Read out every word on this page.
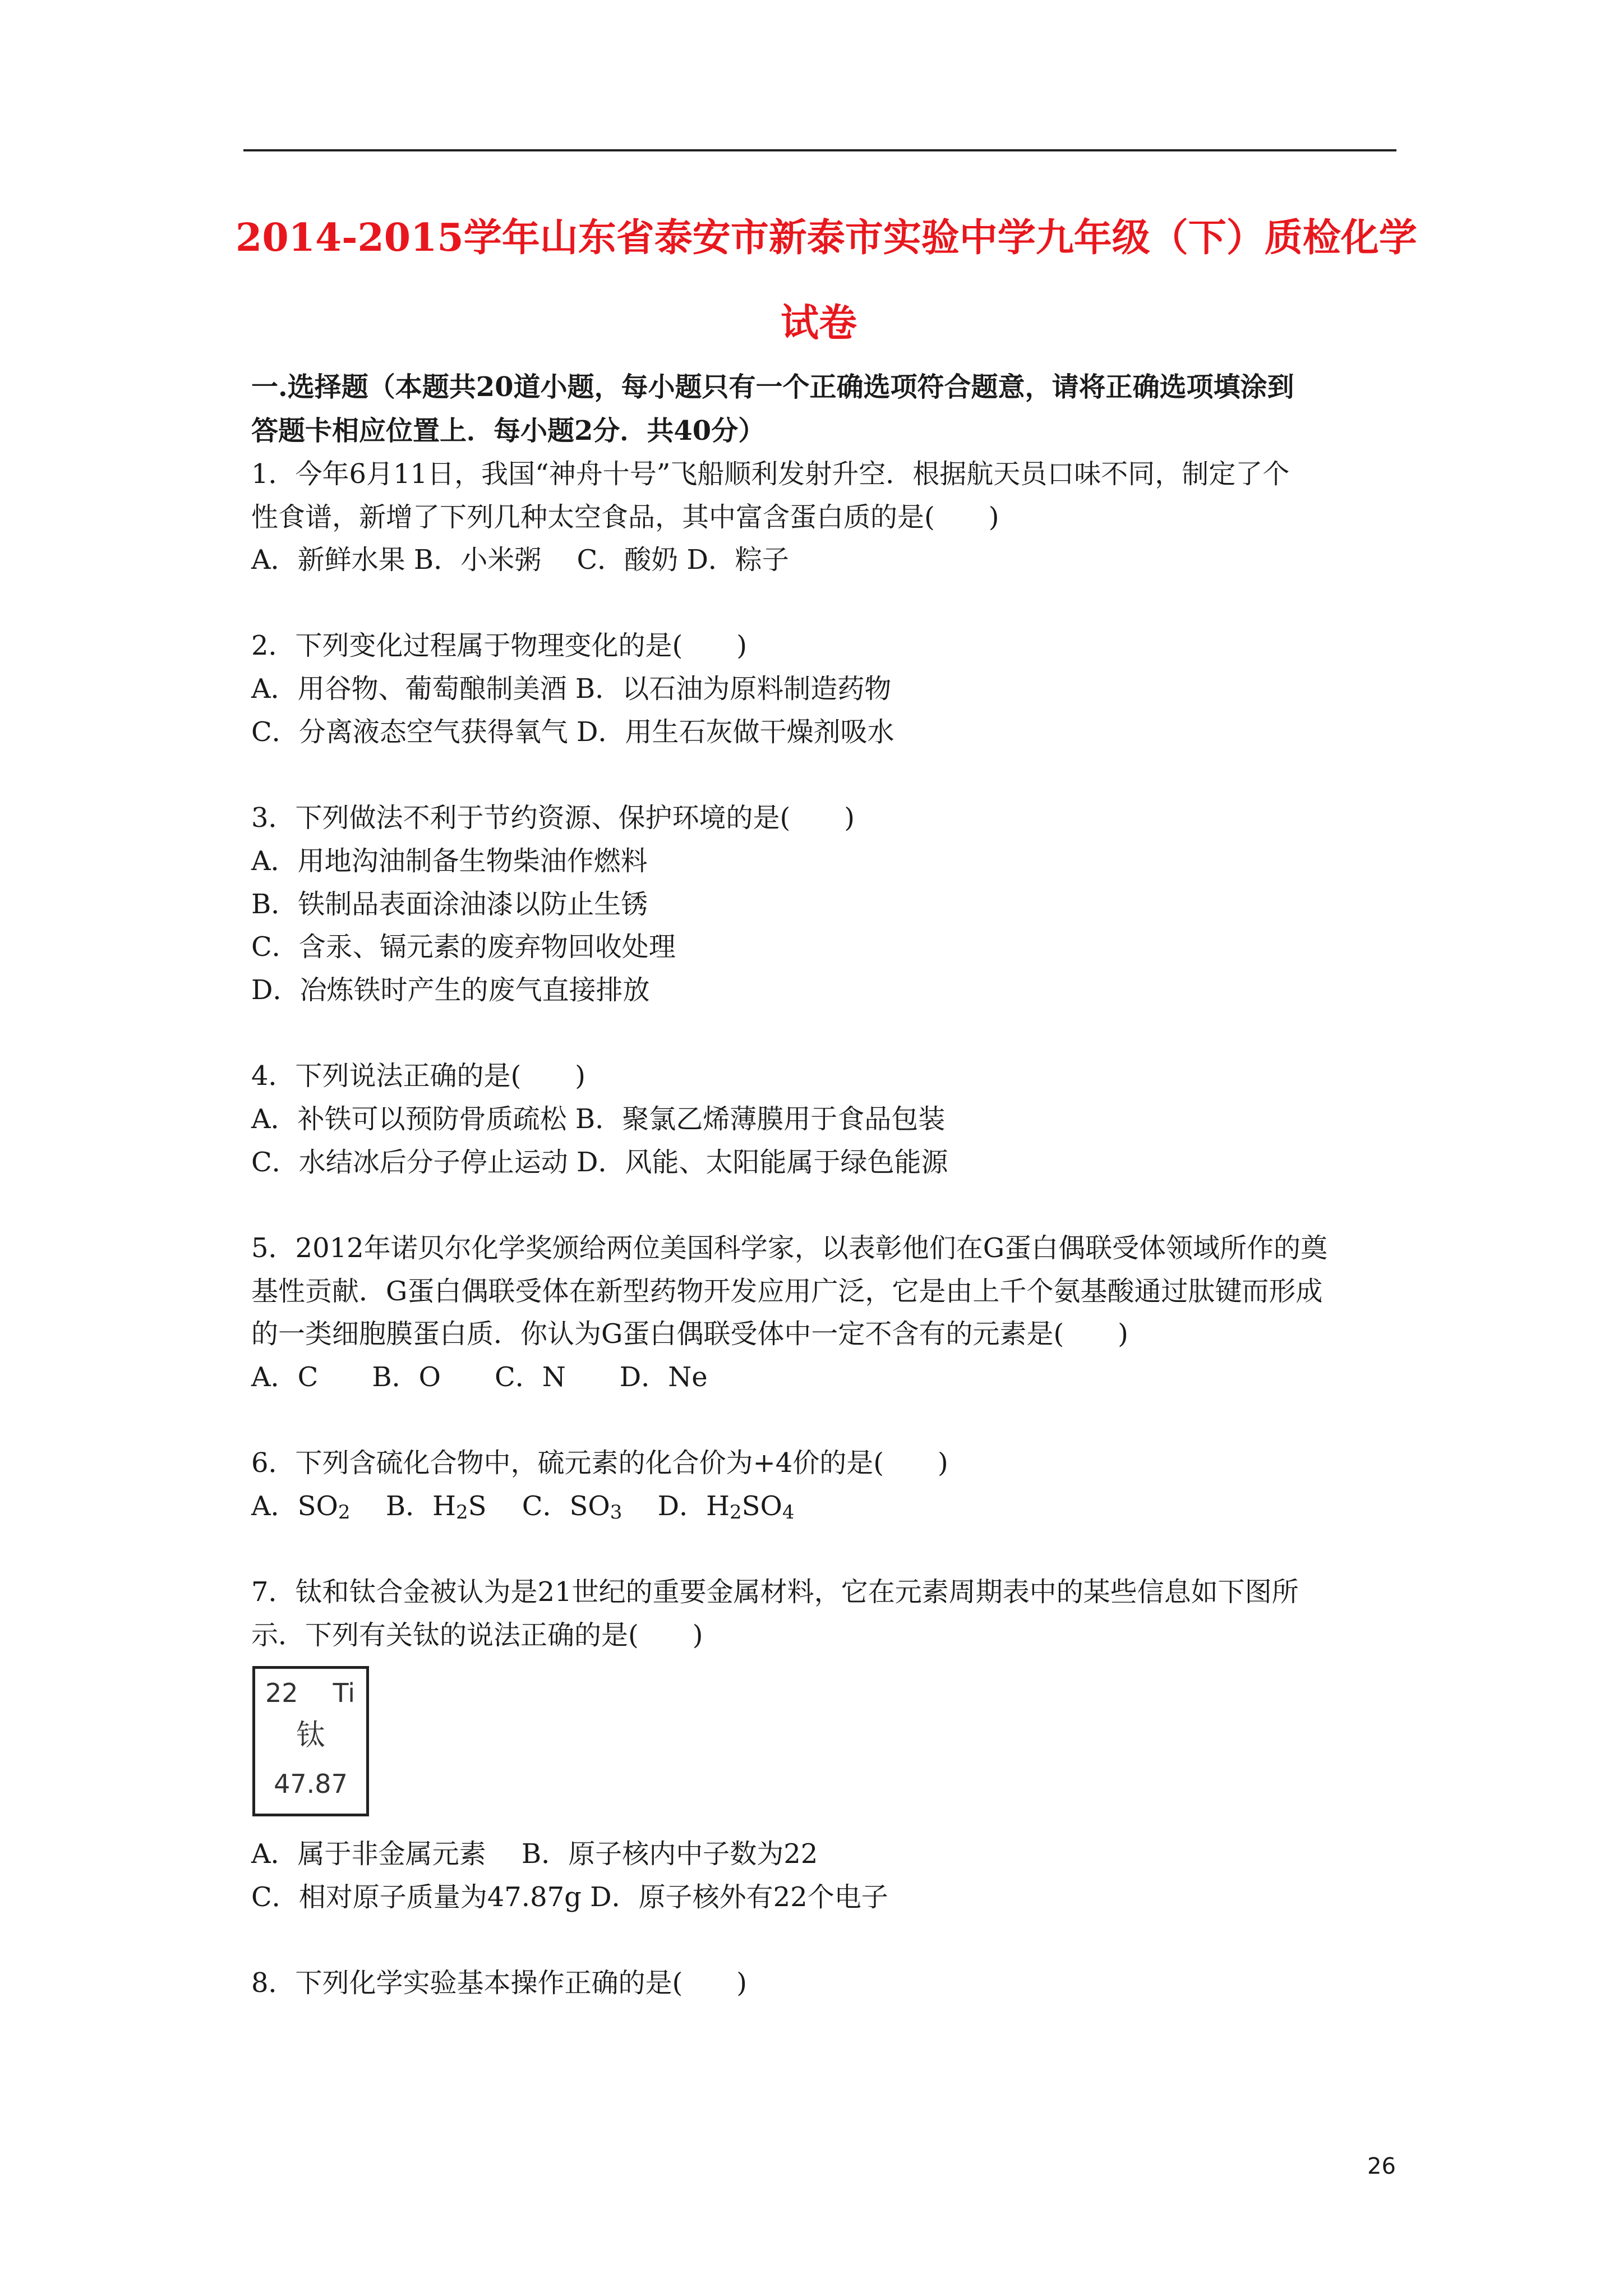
2014-2015学年山东省泰安市新泰市实验中学九年级（下）质检化学
试卷
一.选择题（本题共20道小题，每小题只有一个正确选项符合题意，请将正确选项填涂到
答题卡相应位置上．每小题2分．共40分）
1．今年6月11日，我国“神舟十号”飞船顺利发射升空．根据航天员口味不同，制定了个
性食谱，新增了下列几种太空食品，其中富含蛋白质的是(　　)
A．新鲜水果 B．小米粥　 C．酸奶 D．粽子
2．下列变化过程属于物理变化的是(　　)
A．用谷物、葡萄酿制美酒 B．以石油为原料制造药物
C．分离液态空气获得氧气 D．用生石灰做干燥剂吸水
3．下列做法不利于节约资源、保护环境的是(　　)
A．用地沟油制备生物柴油作燃料
B．铁制品表面涂油漆以防止生锈
C．含汞、镉元素的废弃物回收处理
D．冶炼铁时产生的废气直接排放
4．下列说法正确的是(　　)
A．补铁可以预防骨质疏松 B．聚氯乙烯薄膜用于食品包装
C．水结冰后分子停止运动 D．风能、太阳能属于绿色能源
5．2012年诺贝尔化学奖颁给两位美国科学家，以表彰他们在G蛋白偶联受体领域所作的奠
基性贡献．G蛋白偶联受体在新型药物开发应用广泛，它是由上千个氨基酸通过肽键而形成
的一类细胞膜蛋白质．你认为G蛋白偶联受体中一定不含有的元素是(　　)
A．C　　B．O　　C．N　　D．Ne
6．下列含硫化合物中，硫元素的化合价为+4价的是(　　)
A．$SO_2$　 B．$H_2S$　 C．$SO_3$　 D．$H_2SO_4$
7．钛和钛合金被认为是21世纪的重要金属材料，它在元素周期表中的某些信息如下图所
示．下列有关钛的说法正确的是(　　)
22 Ti
钛
47.87
A．属于非金属元素　 B．原子核内中子数为22
C．相对原子质量为47.87g D．原子核外有22个电子
8．下列化学实验基本操作正确的是(　　)
26
